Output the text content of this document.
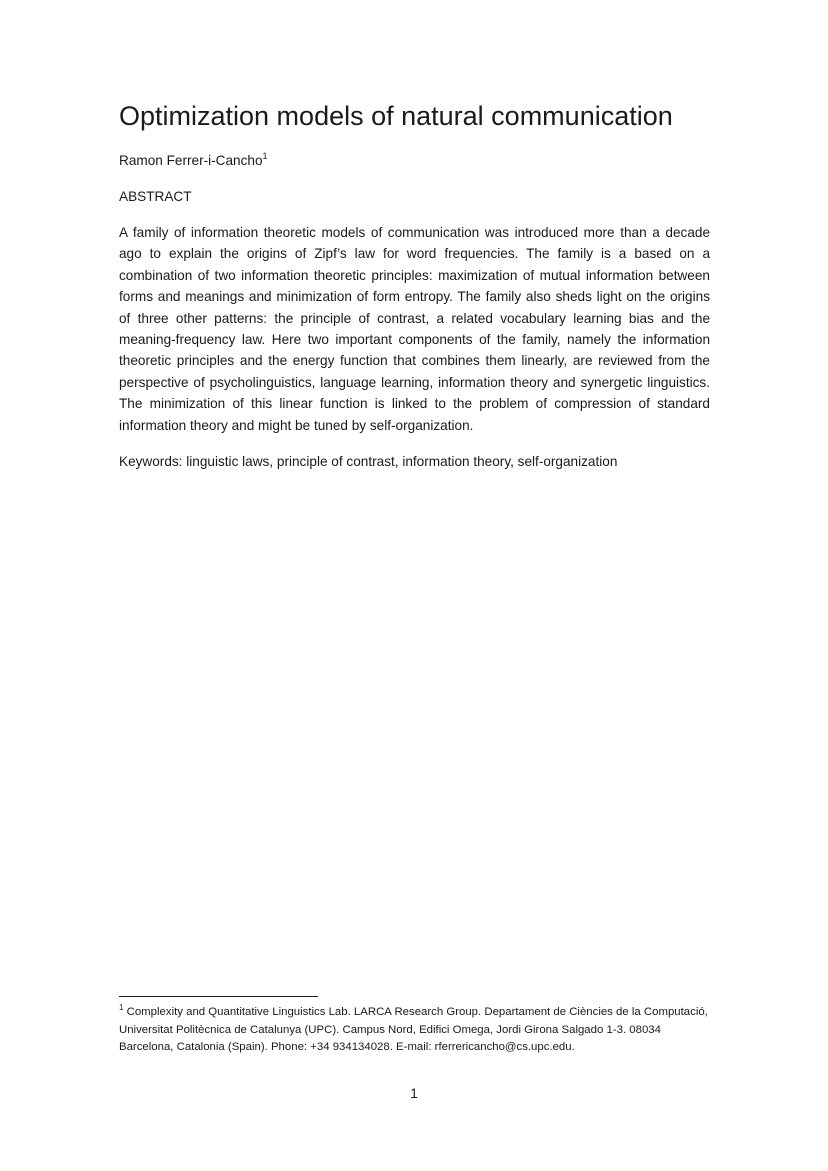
Optimization models of natural communication
Ramon Ferrer-i-Cancho$^1$
ABSTRACT

A family of information theoretic models of communication was introduced more than a decade ago to explain the origins of Zipf’s law for word frequencies. The family is a based on a combination of two information theoretic principles: maximization of mutual information between forms and meanings and minimization of form entropy. The family also sheds light on the origins of three other patterns: the principle of contrast, a related vocabulary learning bias and the meaning-frequency law. Here two important components of the family, namely the information theoretic principles and the energy function that combines them linearly, are reviewed from the perspective of psycholinguistics, language learning, information theory and synergetic linguistics. The minimization of this linear function is linked to the problem of compression of standard information theory and might be tuned by self-organization.

Keywords: linguistic laws, principle of contrast, information theory, self-organization

$^1$ Complexity and Quantitative Linguistics Lab. LARCA Research Group. Departament de Ciències de la Computació, Universitat Politècnica de Catalunya (UPC). Campus Nord, Edifici Omega, Jordi Girona Salgado 1-3. 08034 Barcelona, Catalonia (Spain). Phone: +34 934134028. E-mail: rferrericancho@cs.upc.edu.

1
